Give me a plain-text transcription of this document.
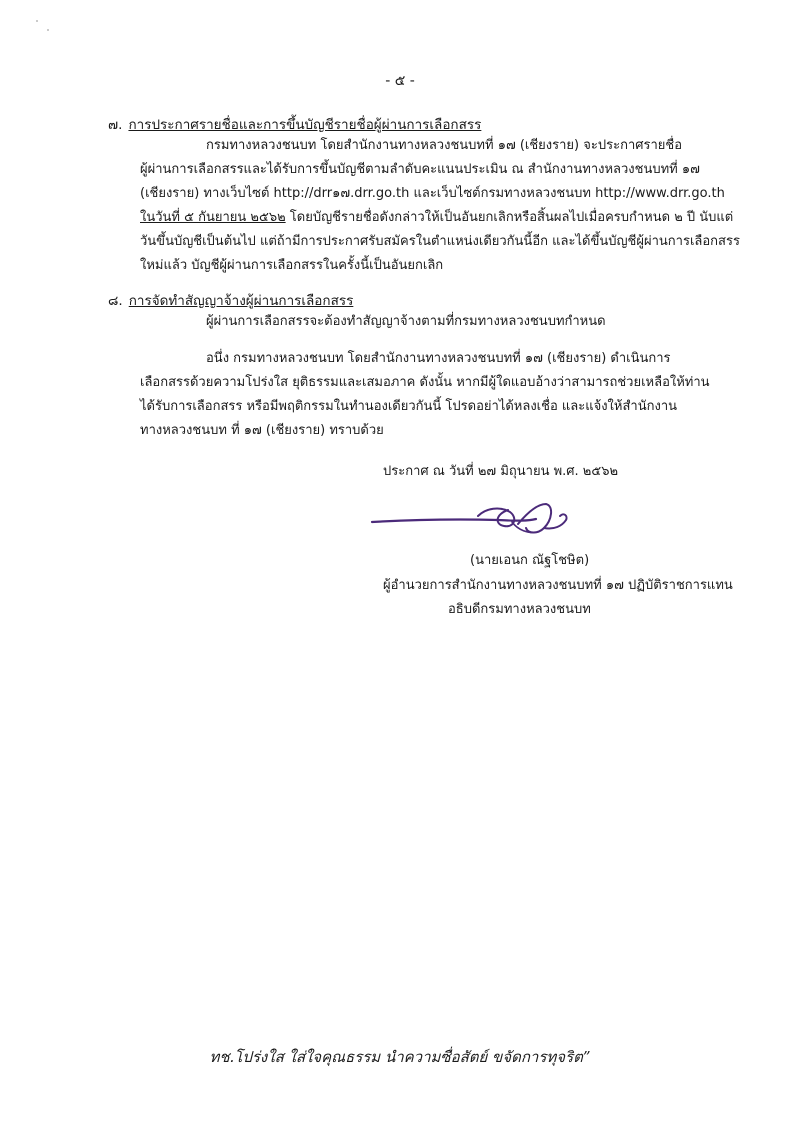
- ๕ -
๗. การประกาศรายชื่อและการขึ้นบัญชีรายชื่อผู้ผ่านการเลือกสรร
กรมทางหลวงชนบท โดยสำนักงานทางหลวงชนบทที่ ๑๗ (เชียงราย) จะประกาศรายชื่อ
ผู้ผ่านการเลือกสรรและได้รับการขึ้นบัญชีตามลำดับคะแนนประเมิน ณ สำนักงานทางหลวงชนบทที่ ๑๗
(เชียงราย) ทางเว็บไซต์ http://drr๑๗.drr.go.th และเว็บไซต์กรมทางหลวงชนบท http://www.drr.go.th
ในวันที่ ๕ กันยายน ๒๕๖๒ โดยบัญชีรายชื่อดังกล่าวให้เป็นอันยกเลิกหรือสิ้นผลไปเมื่อครบกำหนด ๒ ปี นับแต่
วันขึ้นบัญชีเป็นต้นไป แต่ถ้ามีการประกาศรับสมัครในตำแหน่งเดียวกันนี้อีก และได้ขึ้นบัญชีผู้ผ่านการเลือกสรร
ใหม่แล้ว บัญชีผู้ผ่านการเลือกสรรในครั้งนี้เป็นอันยกเลิก
๘. การจัดทำสัญญาจ้างผู้ผ่านการเลือกสรร
ผู้ผ่านการเลือกสรรจะต้องทำสัญญาจ้างตามที่กรมทางหลวงชนบทกำหนด
อนึ่ง กรมทางหลวงชนบท โดยสำนักงานทางหลวงชนบทที่ ๑๗ (เชียงราย) ดำเนินการ
เลือกสรรด้วยความโปร่งใส ยุติธรรมและเสมอภาค ดังนั้น หากมีผู้ใดแอบอ้างว่าสามารถช่วยเหลือให้ท่าน
ได้รับการเลือกสรร หรือมีพฤติกรรมในทำนองเดียวกันนี้ โปรดอย่าได้หลงเชื่อ และแจ้งให้สำนักงาน
ทางหลวงชนบท ที่ ๑๗ (เชียงราย) ทราบด้วย
ประกาศ ณ วันที่ ๒๗ มิถุนายน พ.ศ. ๒๕๖๒
(นายเอนก ณัฐโชษิต)
ผู้อำนวยการสำนักงานทางหลวงชนบทที่ ๑๗ ปฏิบัติราชการแทน
อธิบดีกรมทางหลวงชนบท
ทช.โปร่งใส ใส่ใจคุณธรรม นำความซื่อสัตย์ ขจัดการทุจริต”
